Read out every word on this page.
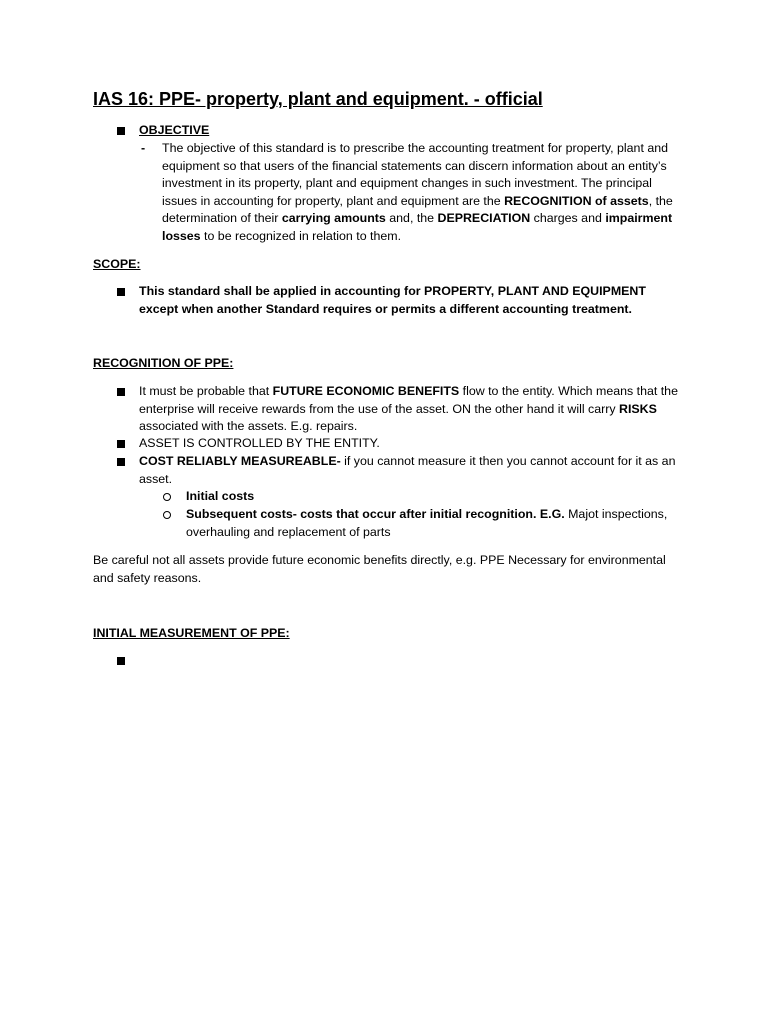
IAS 16: PPE- property, plant and equipment. - official
OBJECTIVE
- The objective of this standard is to prescribe the accounting treatment for property, plant and equipment so that users of the financial statements can discern information about an entity’s investment in its property, plant and equipment changes in such investment. The principal issues in accounting for property, plant and equipment are the RECOGNITION of assets, the determination of their carrying amounts and, the DEPRECIATION charges and impairment losses to be recognized in relation to them.
SCOPE:
This standard shall be applied in accounting for PROPERTY, PLANT AND EQUIPMENT except when another Standard requires or permits a different accounting treatment.
RECOGNITION OF PPE:
It must be probable that FUTURE ECONOMIC BENEFITS flow to the entity. Which means that the enterprise will receive rewards from the use of the asset. ON the other hand it will carry RISKS associated with the assets. E.g. repairs.
ASSET IS CONTROLLED BY THE ENTITY.
COST RELIABLY MEASUREABLE- if you cannot measure it then you cannot account for it as an asset.
Initial costs
Subsequent costs- costs that occur after initial recognition. E.G. Majot inspections, overhauling and replacement of parts
Be careful not all assets provide future economic benefits directly, e.g. PPE Necessary for environmental and safety reasons.
INITIAL MEASUREMENT OF PPE:
